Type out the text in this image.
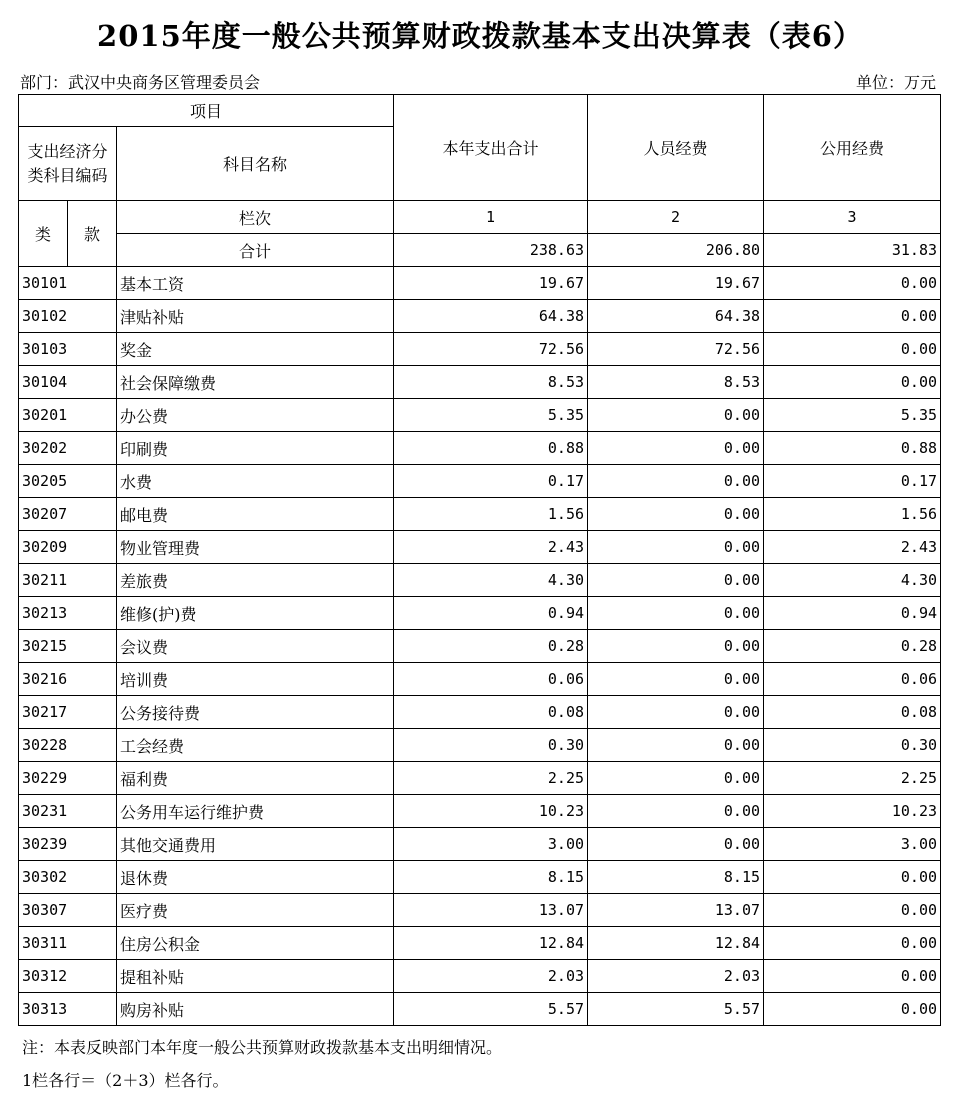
2015年度一般公共预算财政拨款基本支出决算表（表6）
部门：武汉中央商务区管理委员会	单位：万元
项目			本年支出合计	人员经费	公用经费
支出经济分类科目编码		科目名称			
类	款	栏次	1	2	3
		合计	238.63	206.80	31.83
30101		基本工资	19.67	19.67	0.00
30102		津贴补贴	64.38	64.38	0.00
30103		奖金	72.56	72.56	0.00
30104		社会保障缴费	8.53	8.53	0.00
30201		办公费	5.35	0.00	5.35
30202		印刷费	0.88	0.00	0.88
30205		水费	0.17	0.00	0.17
30207		邮电费	1.56	0.00	1.56
30209		物业管理费	2.43	0.00	2.43
30211		差旅费	4.30	0.00	4.30
30213		维修(护)费	0.94	0.00	0.94
30215		会议费	0.28	0.00	0.28
30216		培训费	0.06	0.00	0.06
30217		公务接待费	0.08	0.00	0.08
30228		工会经费	0.30	0.00	0.30
30229		福利费	2.25	0.00	2.25
30231		公务用车运行维护费	10.23	0.00	10.23
30239		其他交通费用	3.00	0.00	3.00
30302		退休费	8.15	8.15	0.00
30307		医疗费	13.07	13.07	0.00
30311		住房公积金	12.84	12.84	0.00
30312		提租补贴	2.03	2.03	0.00
30313		购房补贴	5.57	5.57	0.00
注：本表反映部门本年度一般公共预算财政拨款基本支出明细情况。
1栏各行＝（2＋3）栏各行。
